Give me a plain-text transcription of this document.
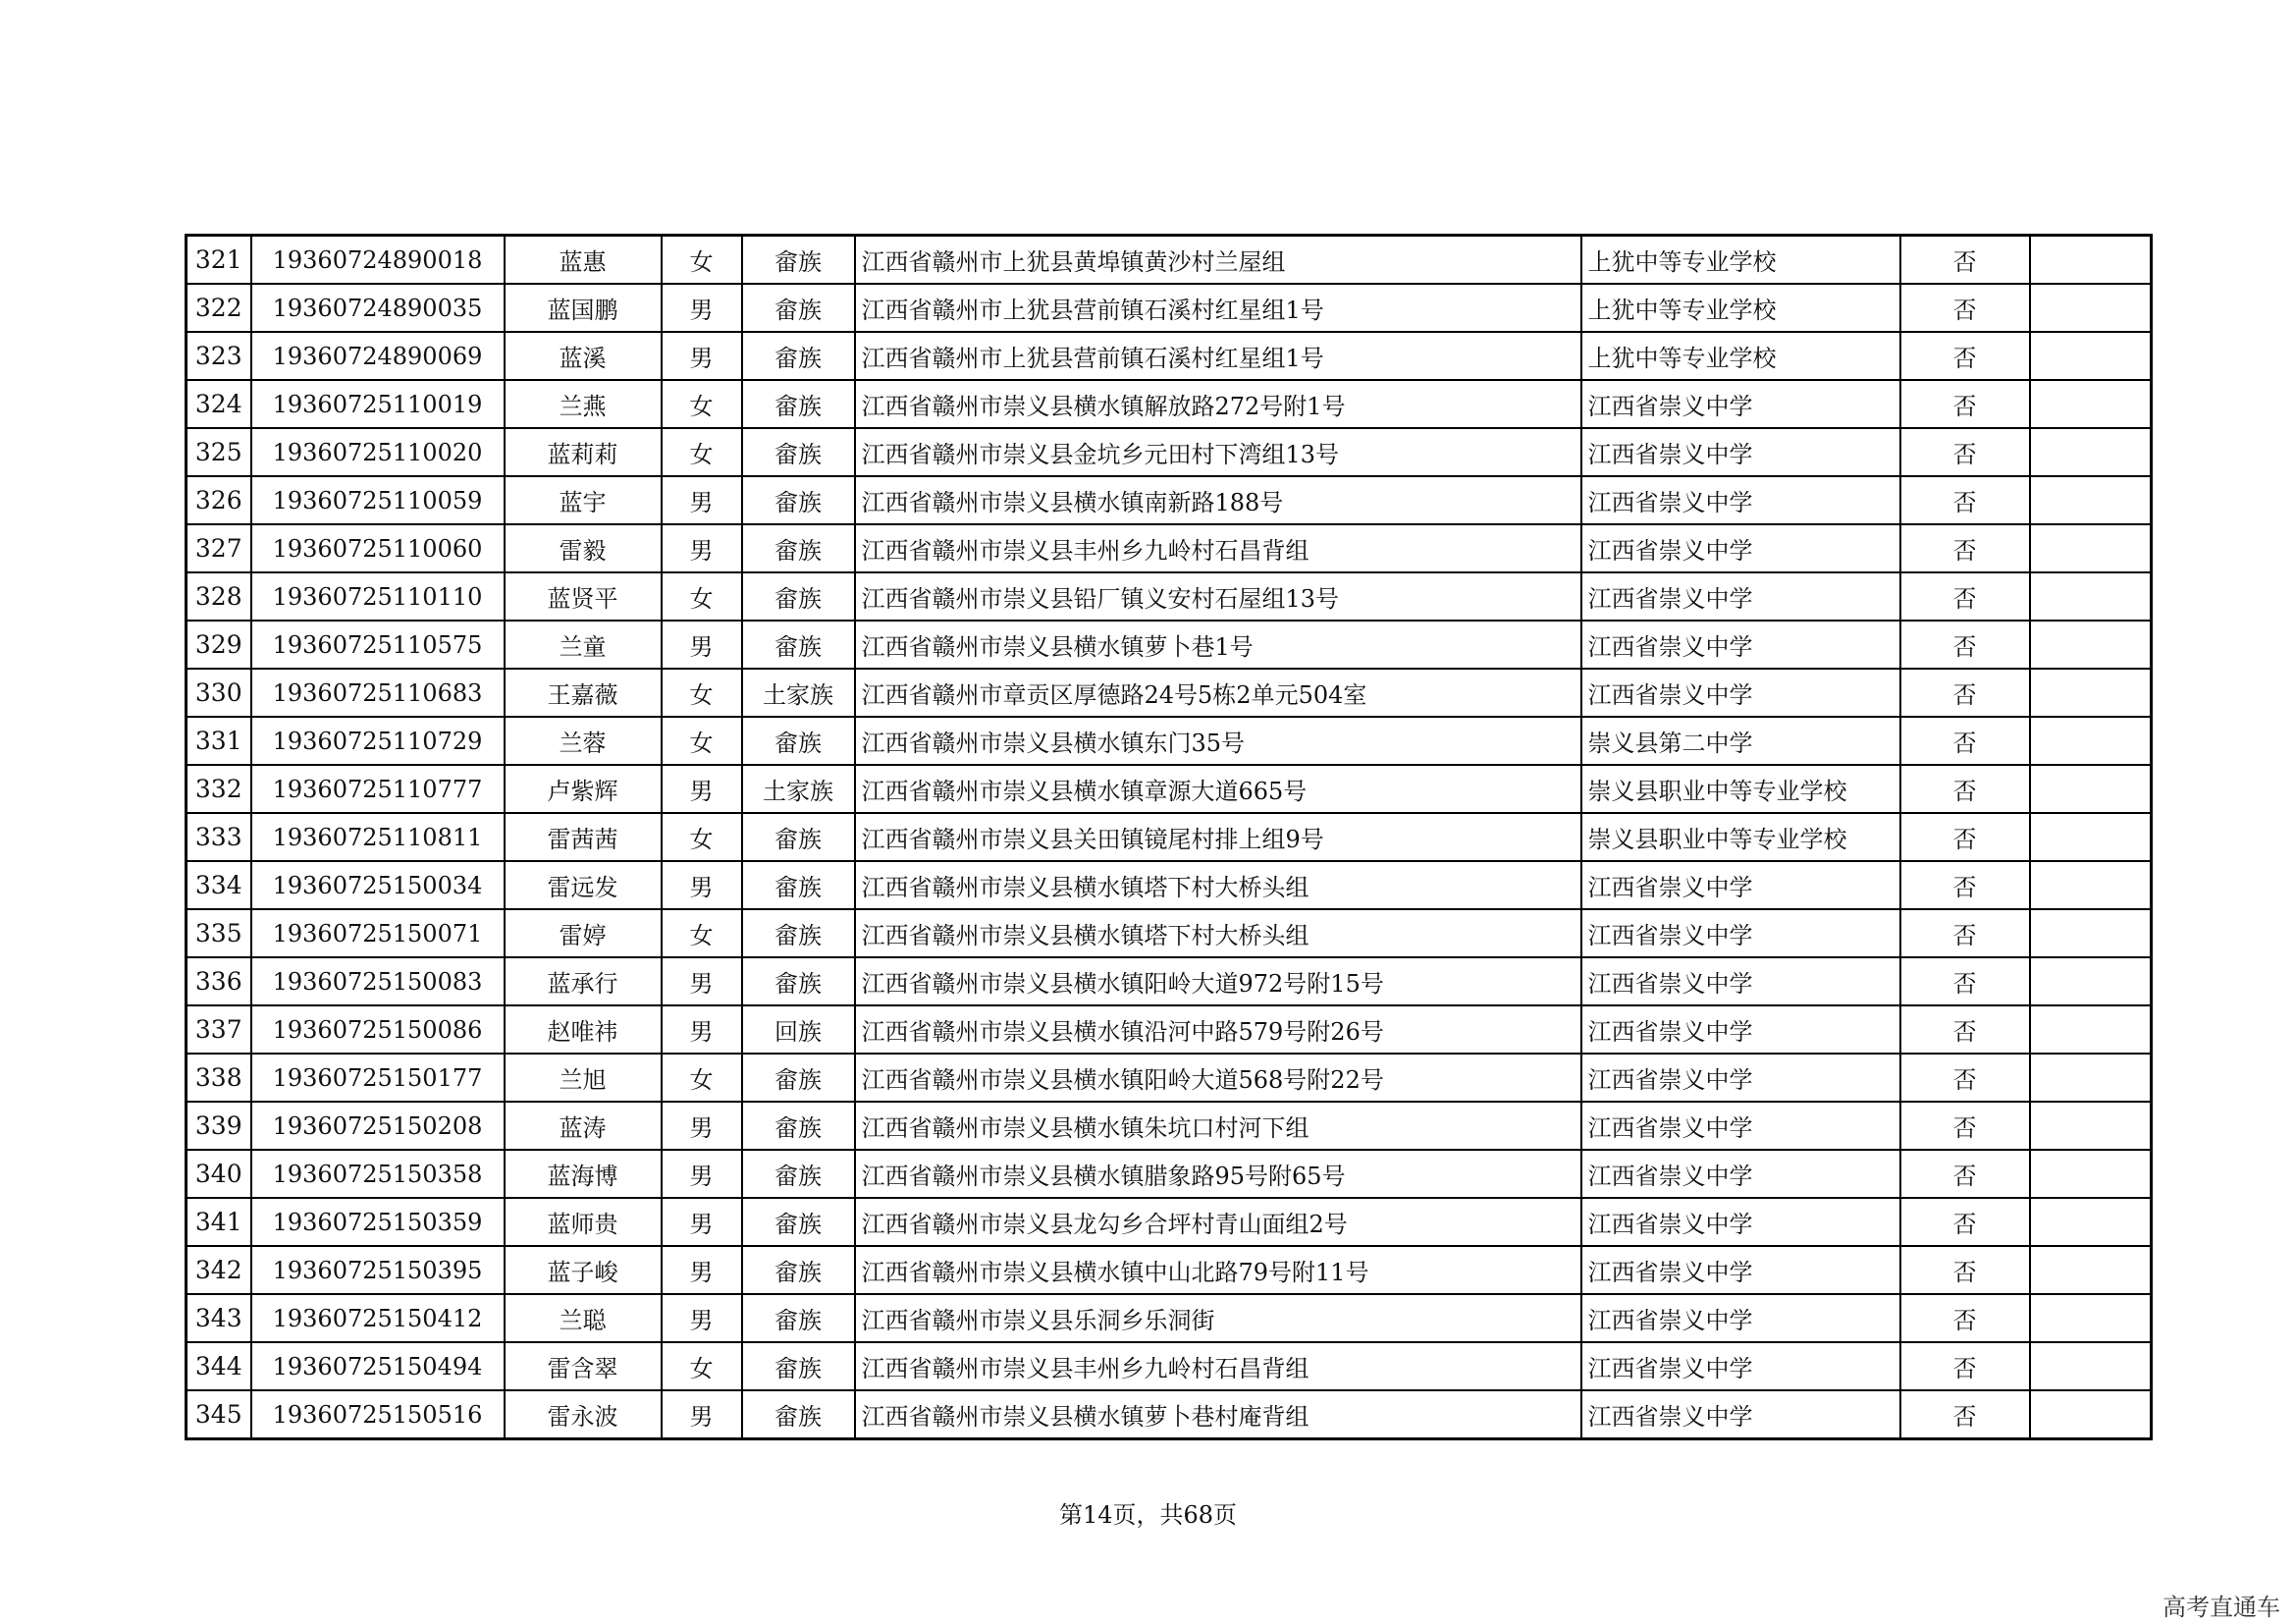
321	19360724890018	蓝惠	女	畲族	江西省赣州市上犹县黄埠镇黄沙村兰屋组	上犹中等专业学校	否	
322	19360724890035	蓝国鹏	男	畲族	江西省赣州市上犹县营前镇石溪村红星组1号	上犹中等专业学校	否	
323	19360724890069	蓝溪	男	畲族	江西省赣州市上犹县营前镇石溪村红星组1号	上犹中等专业学校	否	
324	19360725110019	兰燕	女	畲族	江西省赣州市崇义县横水镇解放路272号附1号	江西省崇义中学	否	
325	19360725110020	蓝莉莉	女	畲族	江西省赣州市崇义县金坑乡元田村下湾组13号	江西省崇义中学	否	
326	19360725110059	蓝宇	男	畲族	江西省赣州市崇义县横水镇南新路188号	江西省崇义中学	否	
327	19360725110060	雷毅	男	畲族	江西省赣州市崇义县丰州乡九岭村石昌背组	江西省崇义中学	否	
328	19360725110110	蓝贤平	女	畲族	江西省赣州市崇义县铅厂镇义安村石屋组13号	江西省崇义中学	否	
329	19360725110575	兰童	男	畲族	江西省赣州市崇义县横水镇萝卜巷1号	江西省崇义中学	否	
330	19360725110683	王嘉薇	女	土家族	江西省赣州市章贡区厚德路24号5栋2单元504室	江西省崇义中学	否	
331	19360725110729	兰蓉	女	畲族	江西省赣州市崇义县横水镇东门35号	崇义县第二中学	否	
332	19360725110777	卢紫辉	男	土家族	江西省赣州市崇义县横水镇章源大道665号	崇义县职业中等专业学校	否	
333	19360725110811	雷茜茜	女	畲族	江西省赣州市崇义县关田镇镜尾村排上组9号	崇义县职业中等专业学校	否	
334	19360725150034	雷远发	男	畲族	江西省赣州市崇义县横水镇塔下村大桥头组	江西省崇义中学	否	
335	19360725150071	雷婷	女	畲族	江西省赣州市崇义县横水镇塔下村大桥头组	江西省崇义中学	否	
336	19360725150083	蓝承行	男	畲族	江西省赣州市崇义县横水镇阳岭大道972号附15号	江西省崇义中学	否	
337	19360725150086	赵唯祎	男	回族	江西省赣州市崇义县横水镇沿河中路579号附26号	江西省崇义中学	否	
338	19360725150177	兰旭	女	畲族	江西省赣州市崇义县横水镇阳岭大道568号附22号	江西省崇义中学	否	
339	19360725150208	蓝涛	男	畲族	江西省赣州市崇义县横水镇朱坑口村河下组	江西省崇义中学	否	
340	19360725150358	蓝海博	男	畲族	江西省赣州市崇义县横水镇腊象路95号附65号	江西省崇义中学	否	
341	19360725150359	蓝师贵	男	畲族	江西省赣州市崇义县龙勾乡合坪村青山面组2号	江西省崇义中学	否	
342	19360725150395	蓝子峻	男	畲族	江西省赣州市崇义县横水镇中山北路79号附11号	江西省崇义中学	否	
343	19360725150412	兰聪	男	畲族	江西省赣州市崇义县乐洞乡乐洞街	江西省崇义中学	否	
344	19360725150494	雷含翠	女	畲族	江西省赣州市崇义县丰州乡九岭村石昌背组	江西省崇义中学	否	
345	19360725150516	雷永波	男	畲族	江西省赣州市崇义县横水镇萝卜巷村庵背组	江西省崇义中学	否	
第14页，共68页
高考直通车
